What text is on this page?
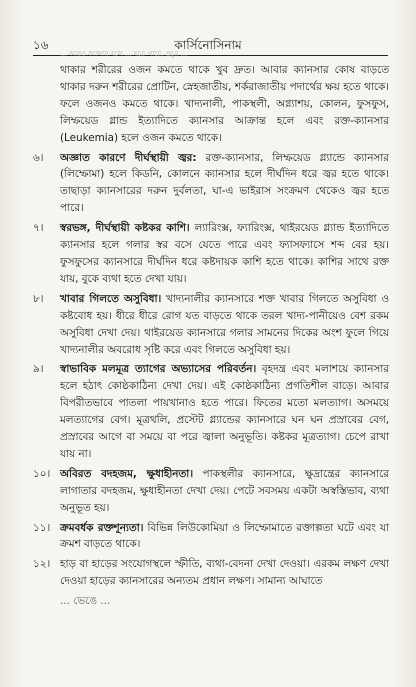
১৬	কার্সিনোসিনাম

... আরও ক্যান্সার হলে ... হতে পারে, প্রচুর ...

থাকার শরীরের ওজন কমতে থাকে খুব দ্রুত। আবার ক্যানসার কোষ বাড়তে থাকার দরুন শরীরের প্রোটিন, স্নেহজাতীয়, শর্করাজাতীয় পদার্থের ক্ষয় হতে থাকে। ফলে ওজনও কমতে থাকে। খাদ্যনালী, পাকস্থলী, অগ্ন্যাশয়, কোলন, ফুসফুস, লিম্ফয়েড গ্লান্ড ইত্যাদিতে ক্যানসার আক্রান্ত হলে এবং রক্ত-ক্যানসার (Leukemia) হলে ওজন কমতে থাকে।

৬।	অজ্ঞাত কারণে দীর্ঘস্থায়ী জ্বর: রক্ত-ক্যানসার, লিম্ফয়েড গ্ল্যান্ডে ক্যানসার (লিম্ফোমা) হলে কিডনি, কোলনে ক্যানসার হলে দীর্ঘদিন ধরে জ্বর হতে থাকে। তাছাড়া ক্যানসারের দরুন দুর্বলতা, ঘা-এ ভাইরাস সংক্রমণ থেকেও জ্বর হতে পারে।

৭।	স্বরভঙ্গ, দীর্ঘস্থায়ী কষ্টকর কাশি। ল্যারিংক্স, ফ্যারিংক্স, থাইরয়েড গ্ল্যান্ড ইত্যাদিতে ক্যানসার হলে গলার স্বর বসে যেতে পারে এবং ফ্যাসফ্যাসে শব্দ বের হয়। ফুসফুসের ক্যানসারে দীর্ঘদিন ধরে কষ্টদায়ক কাশি হতে থাকে। কাশির সাথে রক্ত যায়, বুকে ব্যথা হতে দেখা যায়।

৮।	খাবার গিলতে অসুবিধা। খাদ্যনালীর ক্যানসারে শক্ত খাবার গিলতে অসুবিধা ও কষ্টবোধ হয়। ধীরে ধীরে রোগ যত বাড়তে থাকে তরল খাদ্য-পানীয়েও বেশ রকম অসুবিধা দেখা দেয়। থাইরয়েড ক্যানসারে গলার সামনের দিকের অংশ ফুলে গিয়ে খাদ্যনালীর অবরোধ সৃষ্টি করে এবং গিলতে অসুবিধা হয়।

৯।	স্বাভাবিক মলমূত্র ত্যাগের অভ্যাসের পরিবর্তন। বৃহদন্ত্র এবং মলাশয়ে ক্যানসার হলে হঠাৎ কোষ্ঠকাঠিন্য দেখা দেয়। এই কোষ্ঠকাঠিন্য প্রগতিশীল বাড়ে। আবার বিপরীতভাবে পাতলা পায়খানাও হতে পারে। ফিতের মতো মলত্যাগ। অসময়ে মলত্যাগের বেগ। মূত্রথলি, প্রস্টেট গ্ল্যান্ডের ক্যানসারে ঘন ঘন প্রস্রাবের বেগ, প্রস্রাবের আগে বা সময়ে বা পরে জ্বালা অনুভূতি। কষ্টকর মূত্রত্যাগ। চেপে রাখা যায় না।

১০। অবিরত বদহজম, ক্ষুধাহীনতা। পাকস্থলীর ক্যানসারে, ক্ষুদ্রান্ত্রের ক্যানসারে লাগাতার বদহজম, ক্ষুধাহীনতা দেখা দেয়। পেটে সবসময় একটা অস্বস্তিভাব, ব্যথা অনুভূত হয়।

১১। ক্রমবর্ধক রক্তশূন্যতা। বিভিন্ন লিউকোমিয়া ও লিম্ফোমাতে রক্তাল্পতা ঘটে এবং যা ক্রমশ বাড়তে থাকে।

১২। হাড় বা হাড়ের সংযোগস্থলে স্ফীতি, ব্যথা-বেদনা দেখা দেওয়া। এরকম লক্ষণ দেখা দেওয়া হাড়ের ক্যানসারের অন্যতম প্রধান লক্ষণ। সামান্য আঘাতে

... ভেঙে ...
